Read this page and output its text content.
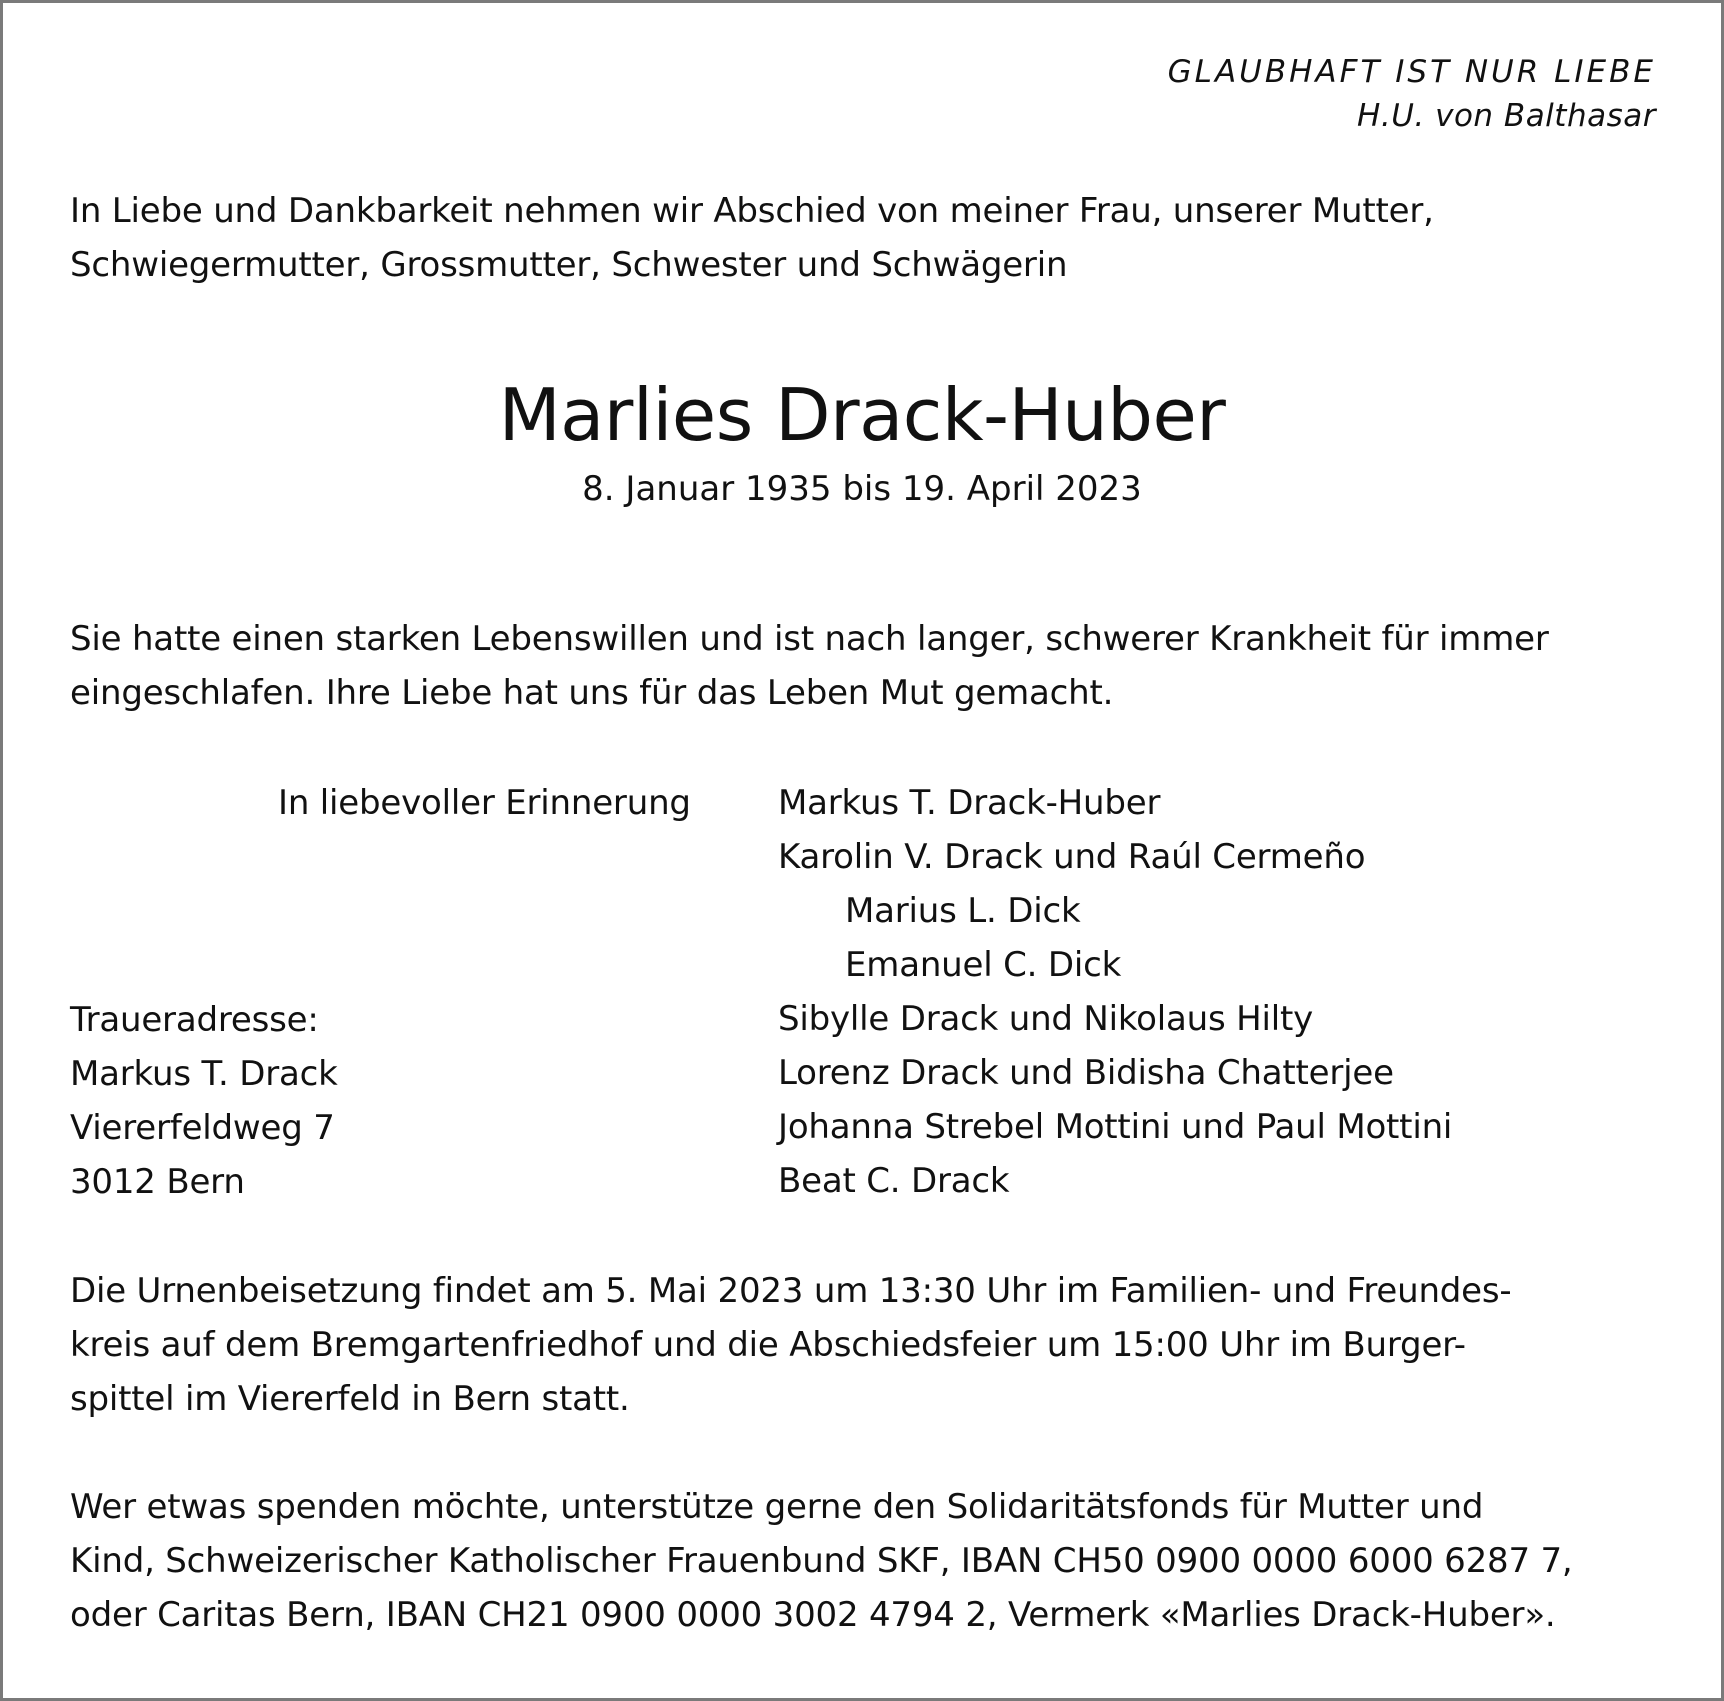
GLAUBHAFT IST NUR LIEBE
H.U. von Balthasar
In Liebe und Dankbarkeit nehmen wir Abschied von meiner Frau, unserer Mutter,
Schwiegermutter, Grossmutter, Schwester und Schwägerin
Marlies Drack-Huber
8. Januar 1935 bis 19. April 2023
Sie hatte einen starken Lebenswillen und ist nach langer, schwerer Krankheit für immer
eingeschlafen. Ihre Liebe hat uns für das Leben Mut gemacht.
In liebevoller Erinnerung	Markus T. Drack-Huber
Karolin V. Drack und Raúl Cermeño
Marius L. Dick
Emanuel C. Dick
Sibylle Drack und Nikolaus Hilty
Lorenz Drack und Bidisha Chatterjee
Johanna Strebel Mottini und Paul Mottini
Beat C. Drack
Traueradresse:
Markus T. Drack
Viererfeldweg 7
3012 Bern
Die Urnenbeisetzung findet am 5. Mai 2023 um 13:30 Uhr im Familien- und Freundes-
kreis auf dem Bremgartenfriedhof und die Abschiedsfeier um 15:00 Uhr im Burger-
spittel im Viererfeld in Bern statt.
Wer etwas spenden möchte, unterstütze gerne den Solidaritätsfonds für Mutter und
Kind, Schweizerischer Katholischer Frauenbund SKF, IBAN CH50 0900 0000 6000 6287 7,
oder Caritas Bern, IBAN CH21 0900 0000 3002 4794 2, Vermerk «Marlies Drack-Huber».
